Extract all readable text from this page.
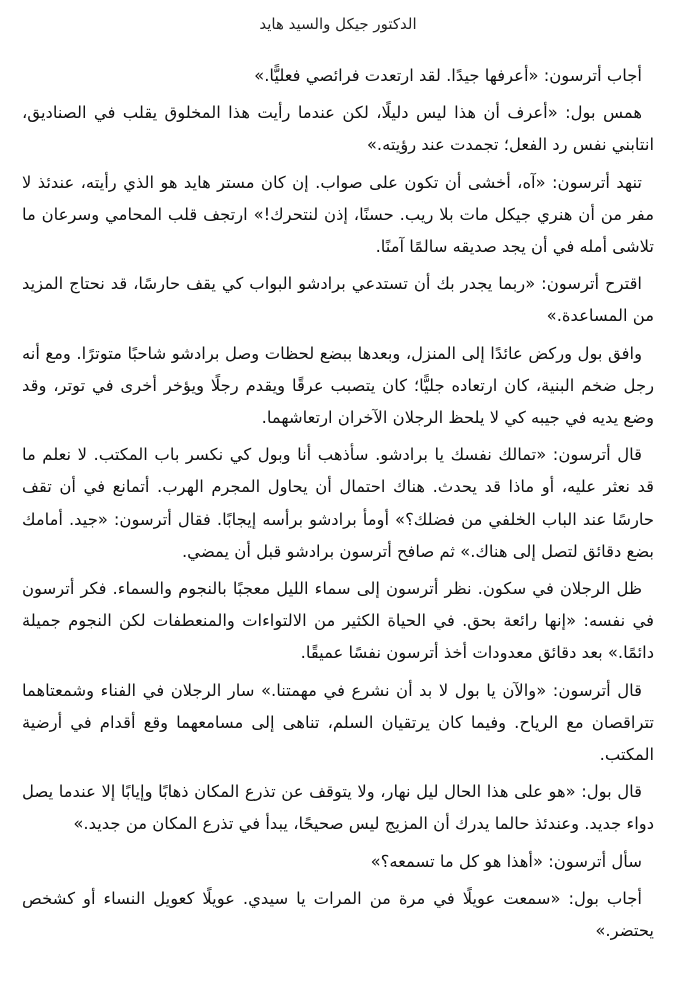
الدكتور جيكل والسيد هايد

أجاب أترسون: «أعرفها جيدًا. لقد ارتعدت فرائصي فعليًّا.»

همس بول: «أعرف أن هذا ليس دليلًا، لكن عندما رأيت هذا المخلوق يقلب في الصناديق، انتابني نفس رد الفعل؛ تجمدت عند رؤيته.»

تنهد أترسون: «آه، أخشى أن تكون على صواب. إن كان مستر هايد هو الذي رأيته، عندئذ لا مفر من أن هنري جيكل مات بلا ريب. حسنًا، إذن لنتحرك!» ارتجف قلب المحامي وسرعان ما تلاشى أمله في أن يجد صديقه سالمًا آمنًا.

اقترح أترسون: «ربما يجدر بك أن تستدعي برادشو البواب كي يقف حارسًا، قد نحتاج المزيد من المساعدة.»

وافق بول وركض عائدًا إلى المنزل، وبعدها ببضع لحظات وصل برادشو شاحبًا متوترًا. ومع أنه رجل ضخم البنية، كان ارتعاده جليًّا؛ كان يتصبب عرقًا ويقدم رجلًا ويؤخر أخرى في توتر، وقد وضع يديه في جيبه كي لا يلحظ الرجلان الآخران ارتعاشهما.

قال أترسون: «تمالك نفسك يا برادشو. سأذهب أنا وبول كي نكسر باب المكتب. لا نعلم ما قد نعثر عليه، أو ماذا قد يحدث. هناك احتمال أن يحاول المجرم الهرب. أتمانع في أن تقف حارسًا عند الباب الخلفي من فضلك؟» أومأ برادشو برأسه إيجابًا. فقال أترسون: «جيد. أمامك بضع دقائق لتصل إلى هناك.» ثم صافح أترسون برادشو قبل أن يمضي.

ظل الرجلان في سكون. نظر أترسون إلى سماء الليل معجبًا بالنجوم والسماء. فكر أترسون في نفسه: «إنها رائعة بحق. في الحياة الكثير من الالتواءات والمنعطفات لكن النجوم جميلة دائمًا.» بعد دقائق معدودات أخذ أترسون نفسًا عميقًا.

قال أترسون: «والآن يا بول لا بد أن نشرع في مهمتنا.» سار الرجلان في الفناء وشمعتاهما تتراقصان مع الرياح. وفيما كان يرتقيان السلم، تناهى إلى مسامعهما وقع أقدام في أرضية المكتب.

قال بول: «هو على هذا الحال ليل نهار، ولا يتوقف عن تذرع المكان ذهابًا وإيابًا إلا عندما يصل دواء جديد. وعندئذ حالما يدرك أن المزيج ليس صحيحًا، يبدأ في تذرع المكان من جديد.»

سأل أترسون: «أهذا هو كل ما تسمعه؟»

أجاب بول: «سمعت عويلًا في مرة من المرات يا سيدي. عويلًا كعويل النساء أو كشخص يحتضر.»
